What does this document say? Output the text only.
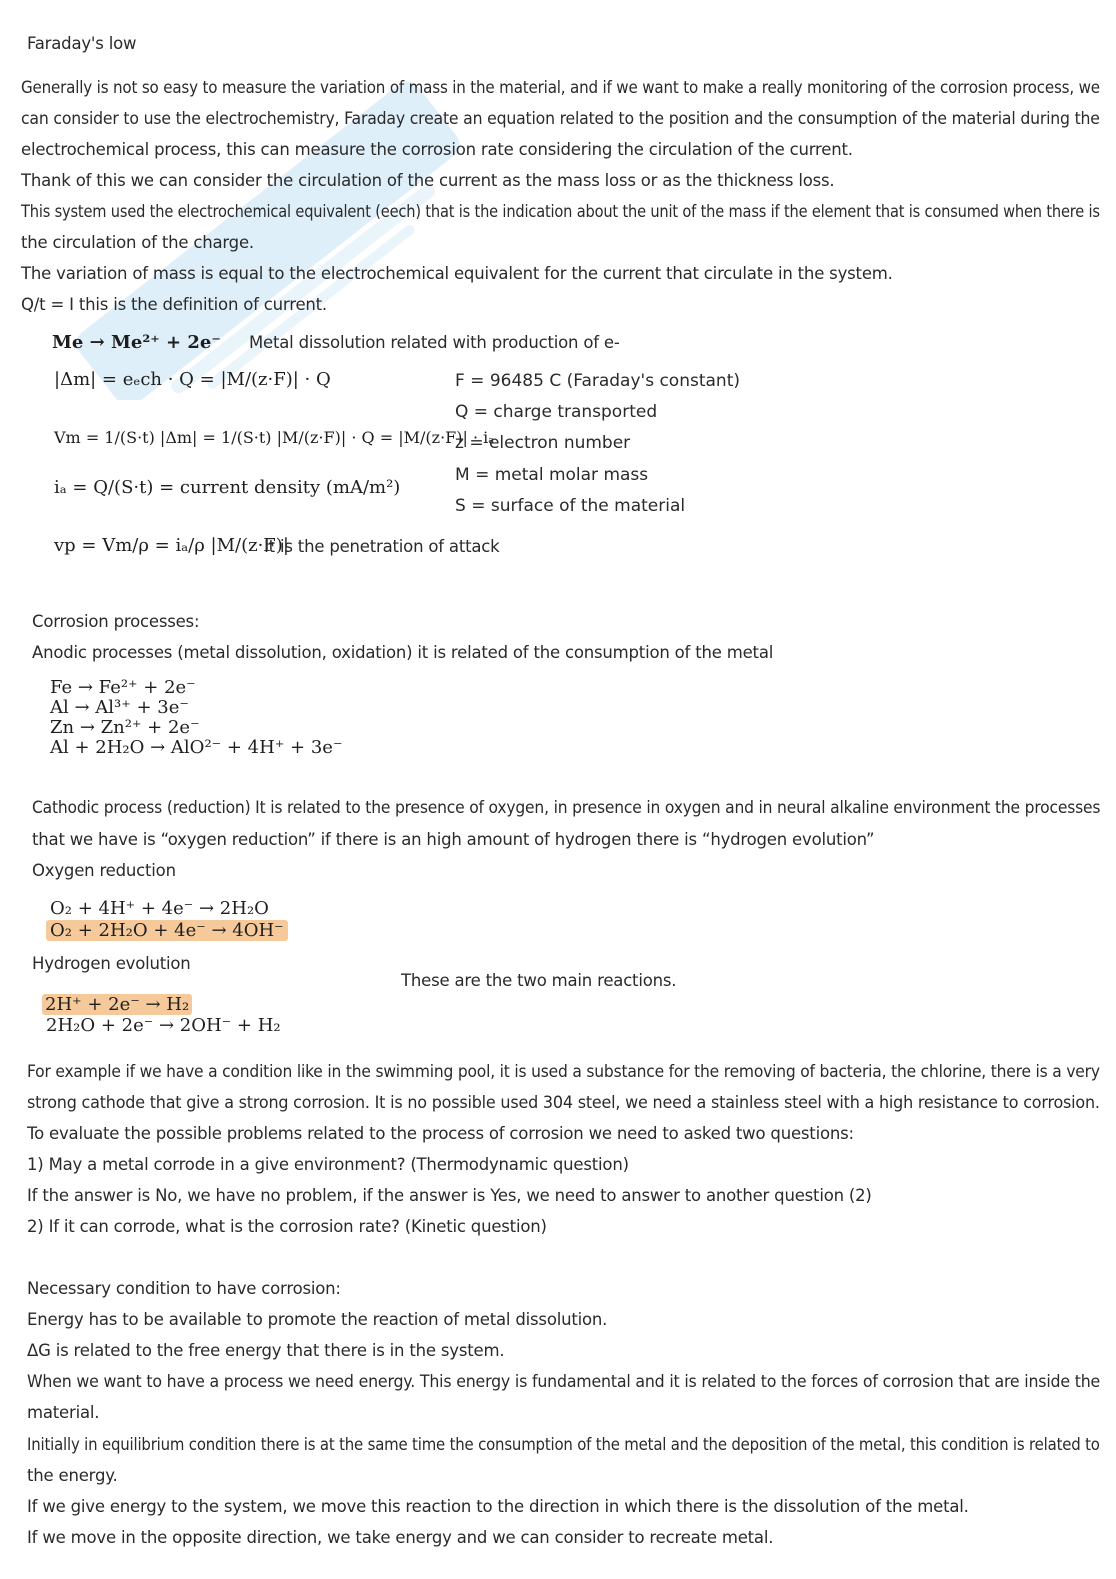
Faraday's low
Generally is not so easy to measure the variation of mass in the material, and if we want to make a really monitoring of the corrosion process, we
can consider to use the electrochemistry, Faraday create an equation related to the position and the consumption of the material during the
electrochemical process, this can measure the corrosion rate considering the circulation of the current.
Thank of this we can consider the circulation of the current as the mass loss or as the thickness loss.
This system used the electrochemical equivalent (eech) that is the indication about the unit of the mass if the element that is consumed when there is
the circulation of the charge.
The variation of mass is equal to the electrochemical equivalent for the current that circulate in the system.
Q/t = I this is the definition of current.
Me → Me²⁺ + 2e⁻ Metal dissolution related with production of e-
|Δm| = eₑch · Q = |M/(z·F)| · Q
Vm = 1/(S·t) |Δm| = 1/(S·t) |M/(z·F)| · Q = |M/(z·F)| · iₐ
iₐ = Q/(S·t) = current density (mA/m²)
vp = Vm/ρ = iₐ/ρ |M/(z·F)|
It is the penetration of attack
F = 96485 C (Faraday's constant)
Q = charge transported
z = electron number
M = metal molar mass
S = surface of the material
Corrosion processes:
Anodic processes (metal dissolution, oxidation) it is related of the consumption of the metal
Fe → Fe²⁺ + 2e⁻
Al → Al³⁺ + 3e⁻
Zn → Zn²⁺ + 2e⁻
Al + 2H₂O → AlO²⁻ + 4H⁺ + 3e⁻
Cathodic process (reduction) It is related to the presence of oxygen, in presence in oxygen and in neural alkaline environment the processes
that we have is “oxygen reduction” if there is an high amount of hydrogen there is “hydrogen evolution”
Oxygen reduction
O₂ + 4H⁺ + 4e⁻ → 2H₂O
O₂ + 2H₂O + 4e⁻ → 4OH⁻
Hydrogen evolution
These are the two main reactions.
2H⁺ + 2e⁻ → H₂
2H₂O + 2e⁻ → 2OH⁻ + H₂
For example if we have a condition like in the swimming pool, it is used a substance for the removing of bacteria, the chlorine, there is a very
strong cathode that give a strong corrosion. It is no possible used 304 steel, we need a stainless steel with a high resistance to corrosion.
To evaluate the possible problems related to the process of corrosion we need to asked two questions:
1) May a metal corrode in a give environment? (Thermodynamic question)
If the answer is No, we have no problem, if the answer is Yes, we need to answer to another question (2)
2) If it can corrode, what is the corrosion rate? (Kinetic question)
Necessary condition to have corrosion:
Energy has to be available to promote the reaction of metal dissolution.
ΔG is related to the free energy that there is in the system.
When we want to have a process we need energy. This energy is fundamental and it is related to the forces of corrosion that are inside the
material.
Initially in equilibrium condition there is at the same time the consumption of the metal and the deposition of the metal, this condition is related to
the energy.
If we give energy to the system, we move this reaction to the direction in which there is the dissolution of the metal.
If we move in the opposite direction, we take energy and we can consider to recreate metal.
